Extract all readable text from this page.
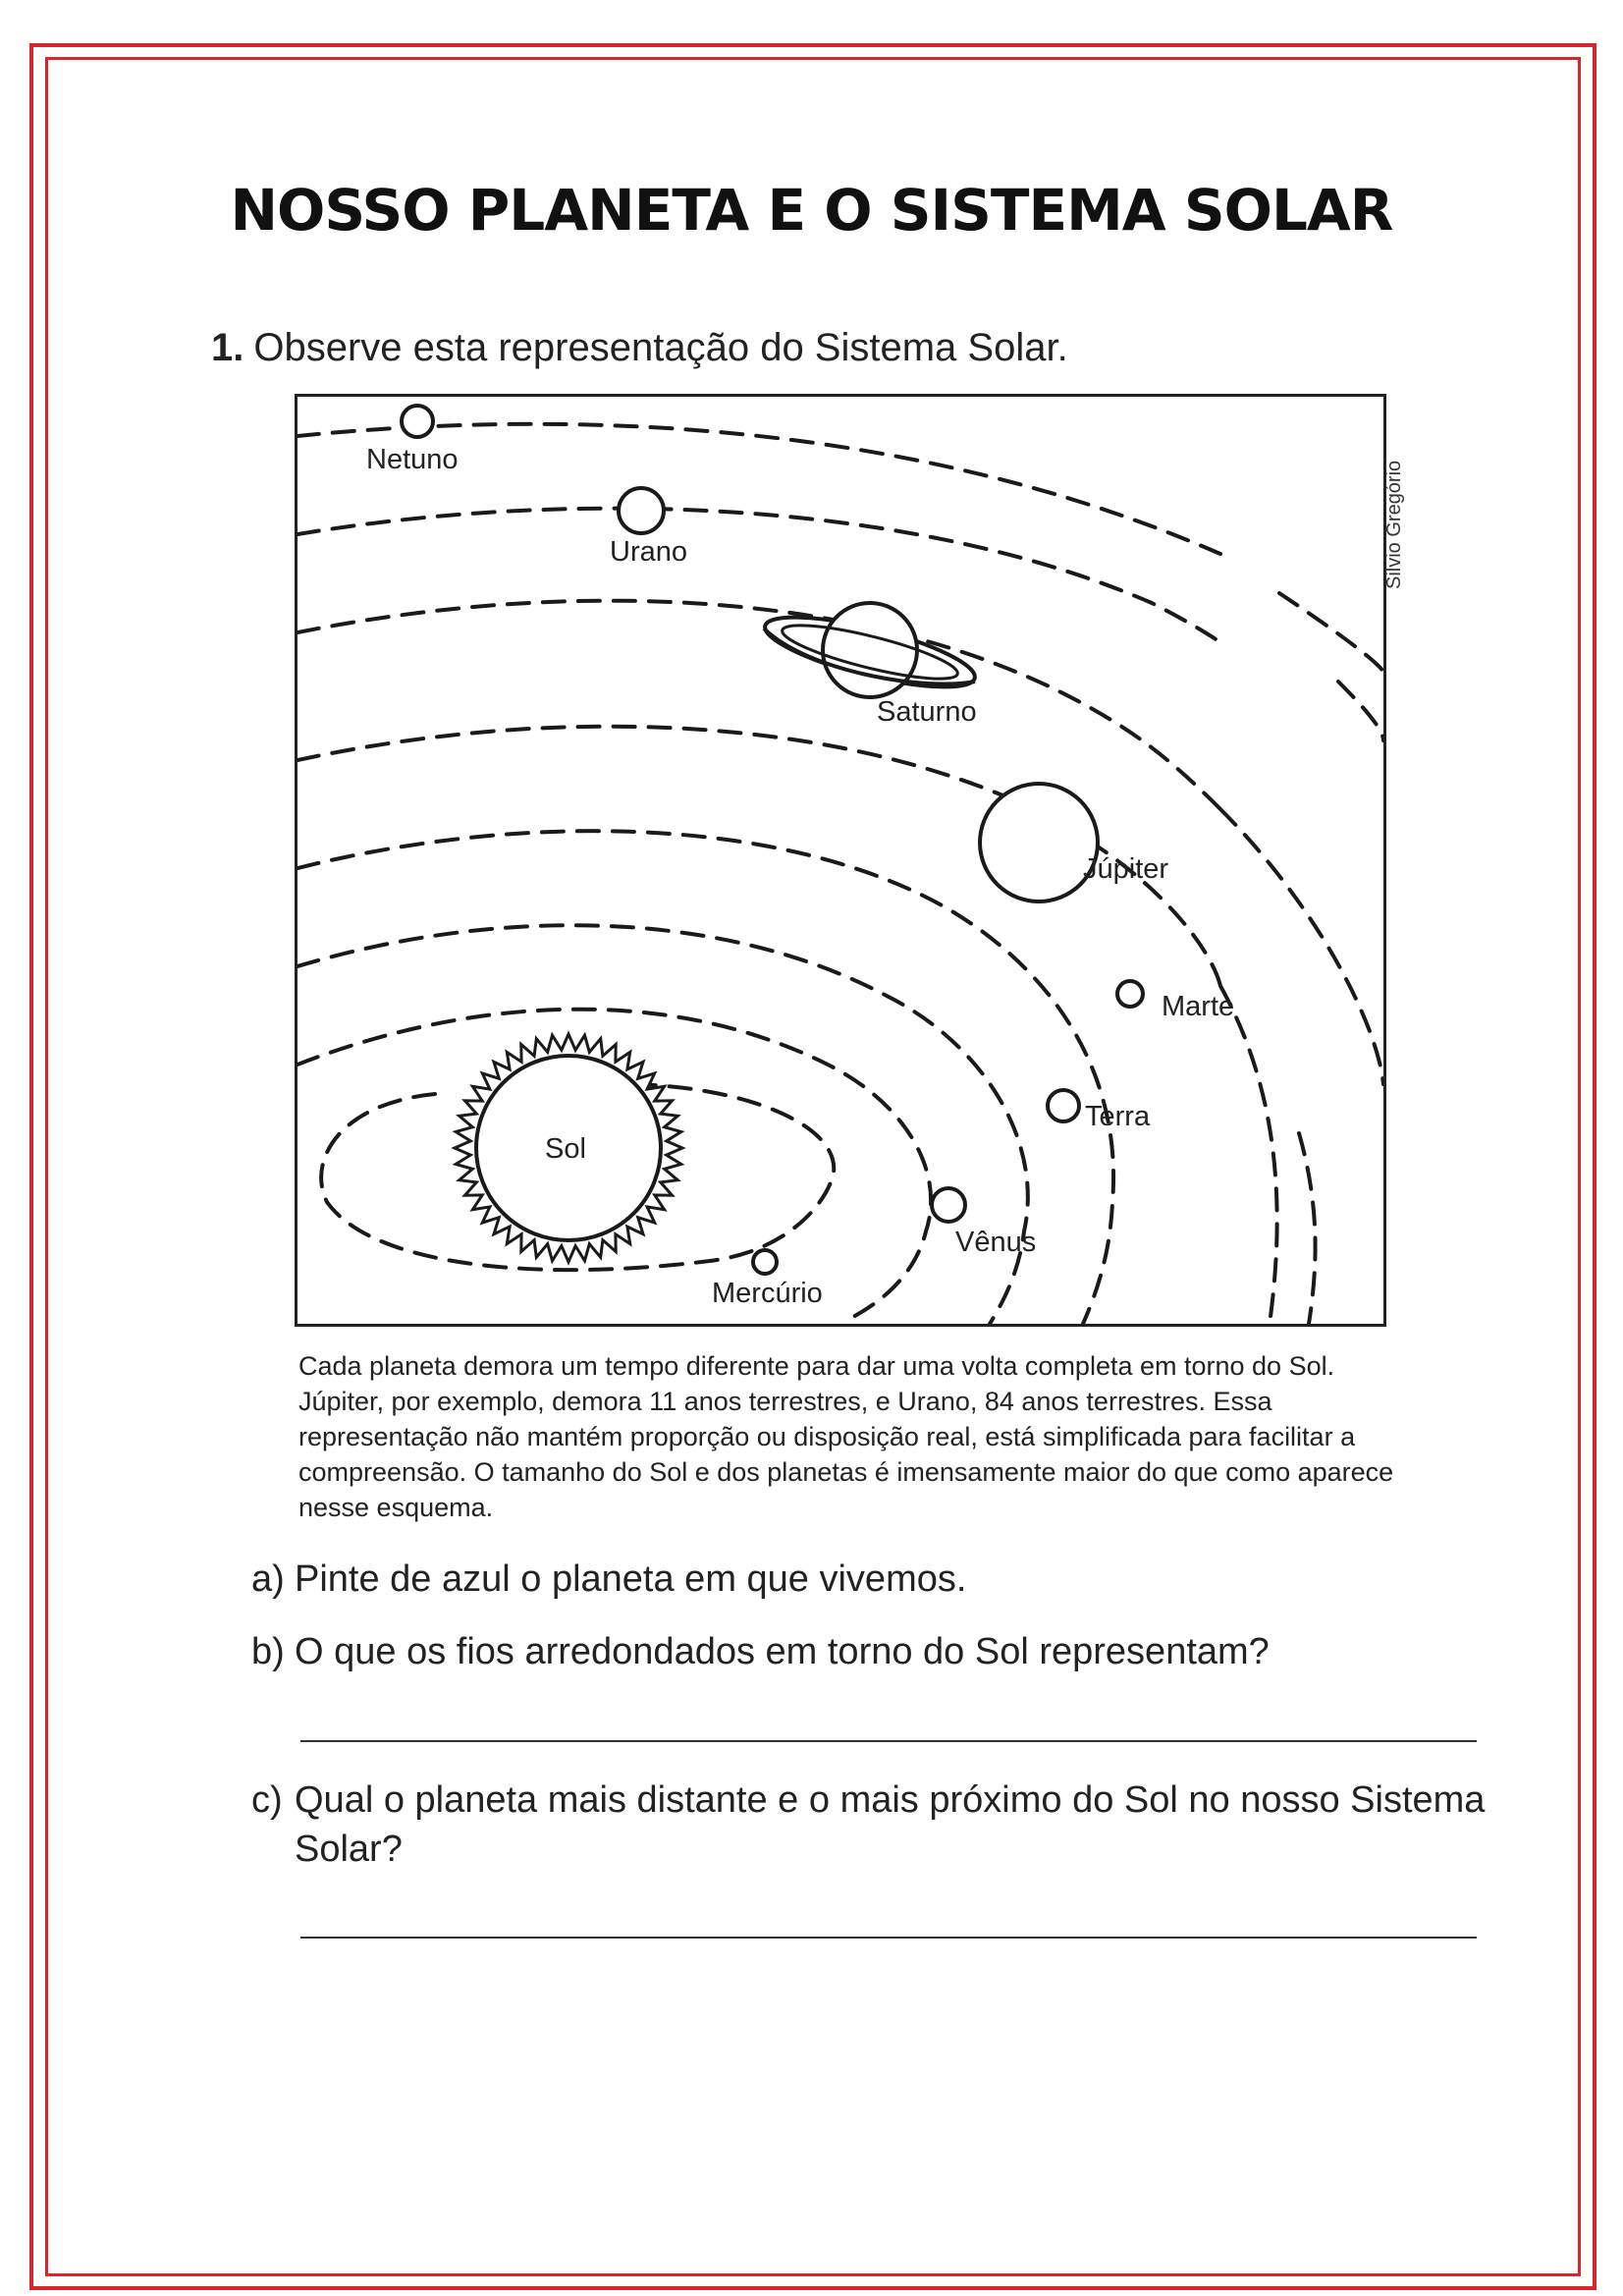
NOSSO PLANETA E O SISTEMA SOLAR
1. Observe esta representação do Sistema Solar.
Netuno
Urano
Saturno
Júpiter
Marte
Terra
Vênus
Mercúrio
Sol
Silvio Gregório
Cada planeta demora um tempo diferente para dar uma volta completa em torno do Sol. Júpiter, por exemplo, demora 11 anos terrestres, e Urano, 84 anos terrestres. Essa representação não mantém proporção ou disposição real, está simplificada para facilitar a compreensão. O tamanho do Sol e dos planetas é imensamente maior do que como aparece nesse esquema.
a) Pinte de azul o planeta em que vivemos.
b) O que os fios arredondados em torno do Sol representam?
c) Qual o planeta mais distante e o mais próximo do Sol no nosso Sistema Solar?
